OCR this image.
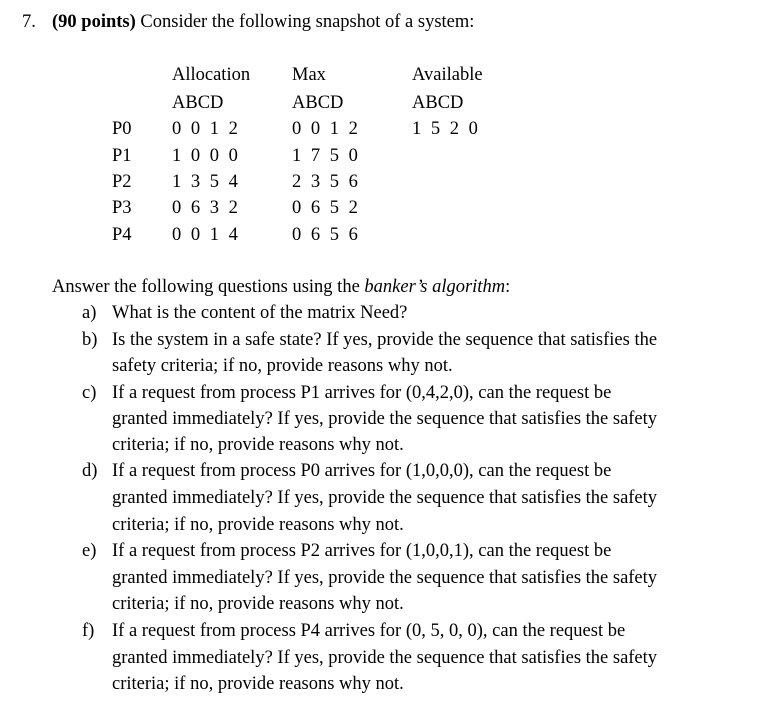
7. (90 points) Consider the following snapshot of a system:
Allocation Max	Available
ABCD	ABCD	ABCD
P0 0 0 1 2	0 0 1 2	1 5 2 0
P1 1 0 0 0	1 7 5 0
P2 1 3 5 4	2 3 5 6
P3 0 6 3 2	0 6 5 2
P4 0 0 1 4	0 6 5 6
Answer the following questions using the banker’s algorithm:
a) What is the content of the matrix Need?
b) Is the system in a safe state? If yes, provide the sequence that satisfies the
safety criteria; if no, provide reasons why not.
c) If a request from process P1 arrives for (0,4,2,0), can the request be
granted immediately? If yes, provide the sequence that satisfies the safety
criteria; if no, provide reasons why not.
d) If a request from process P0 arrives for (1,0,0,0), can the request be
granted immediately? If yes, provide the sequence that satisfies the safety
criteria; if no, provide reasons why not.
e) If a request from process P2 arrives for (1,0,0,1), can the request be
granted immediately? If yes, provide the sequence that satisfies the safety
criteria; if no, provide reasons why not.
f) If a request from process P4 arrives for (0, 5, 0, 0), can the request be
granted immediately? If yes, provide the sequence that satisfies the safety
criteria; if no, provide reasons why not.
